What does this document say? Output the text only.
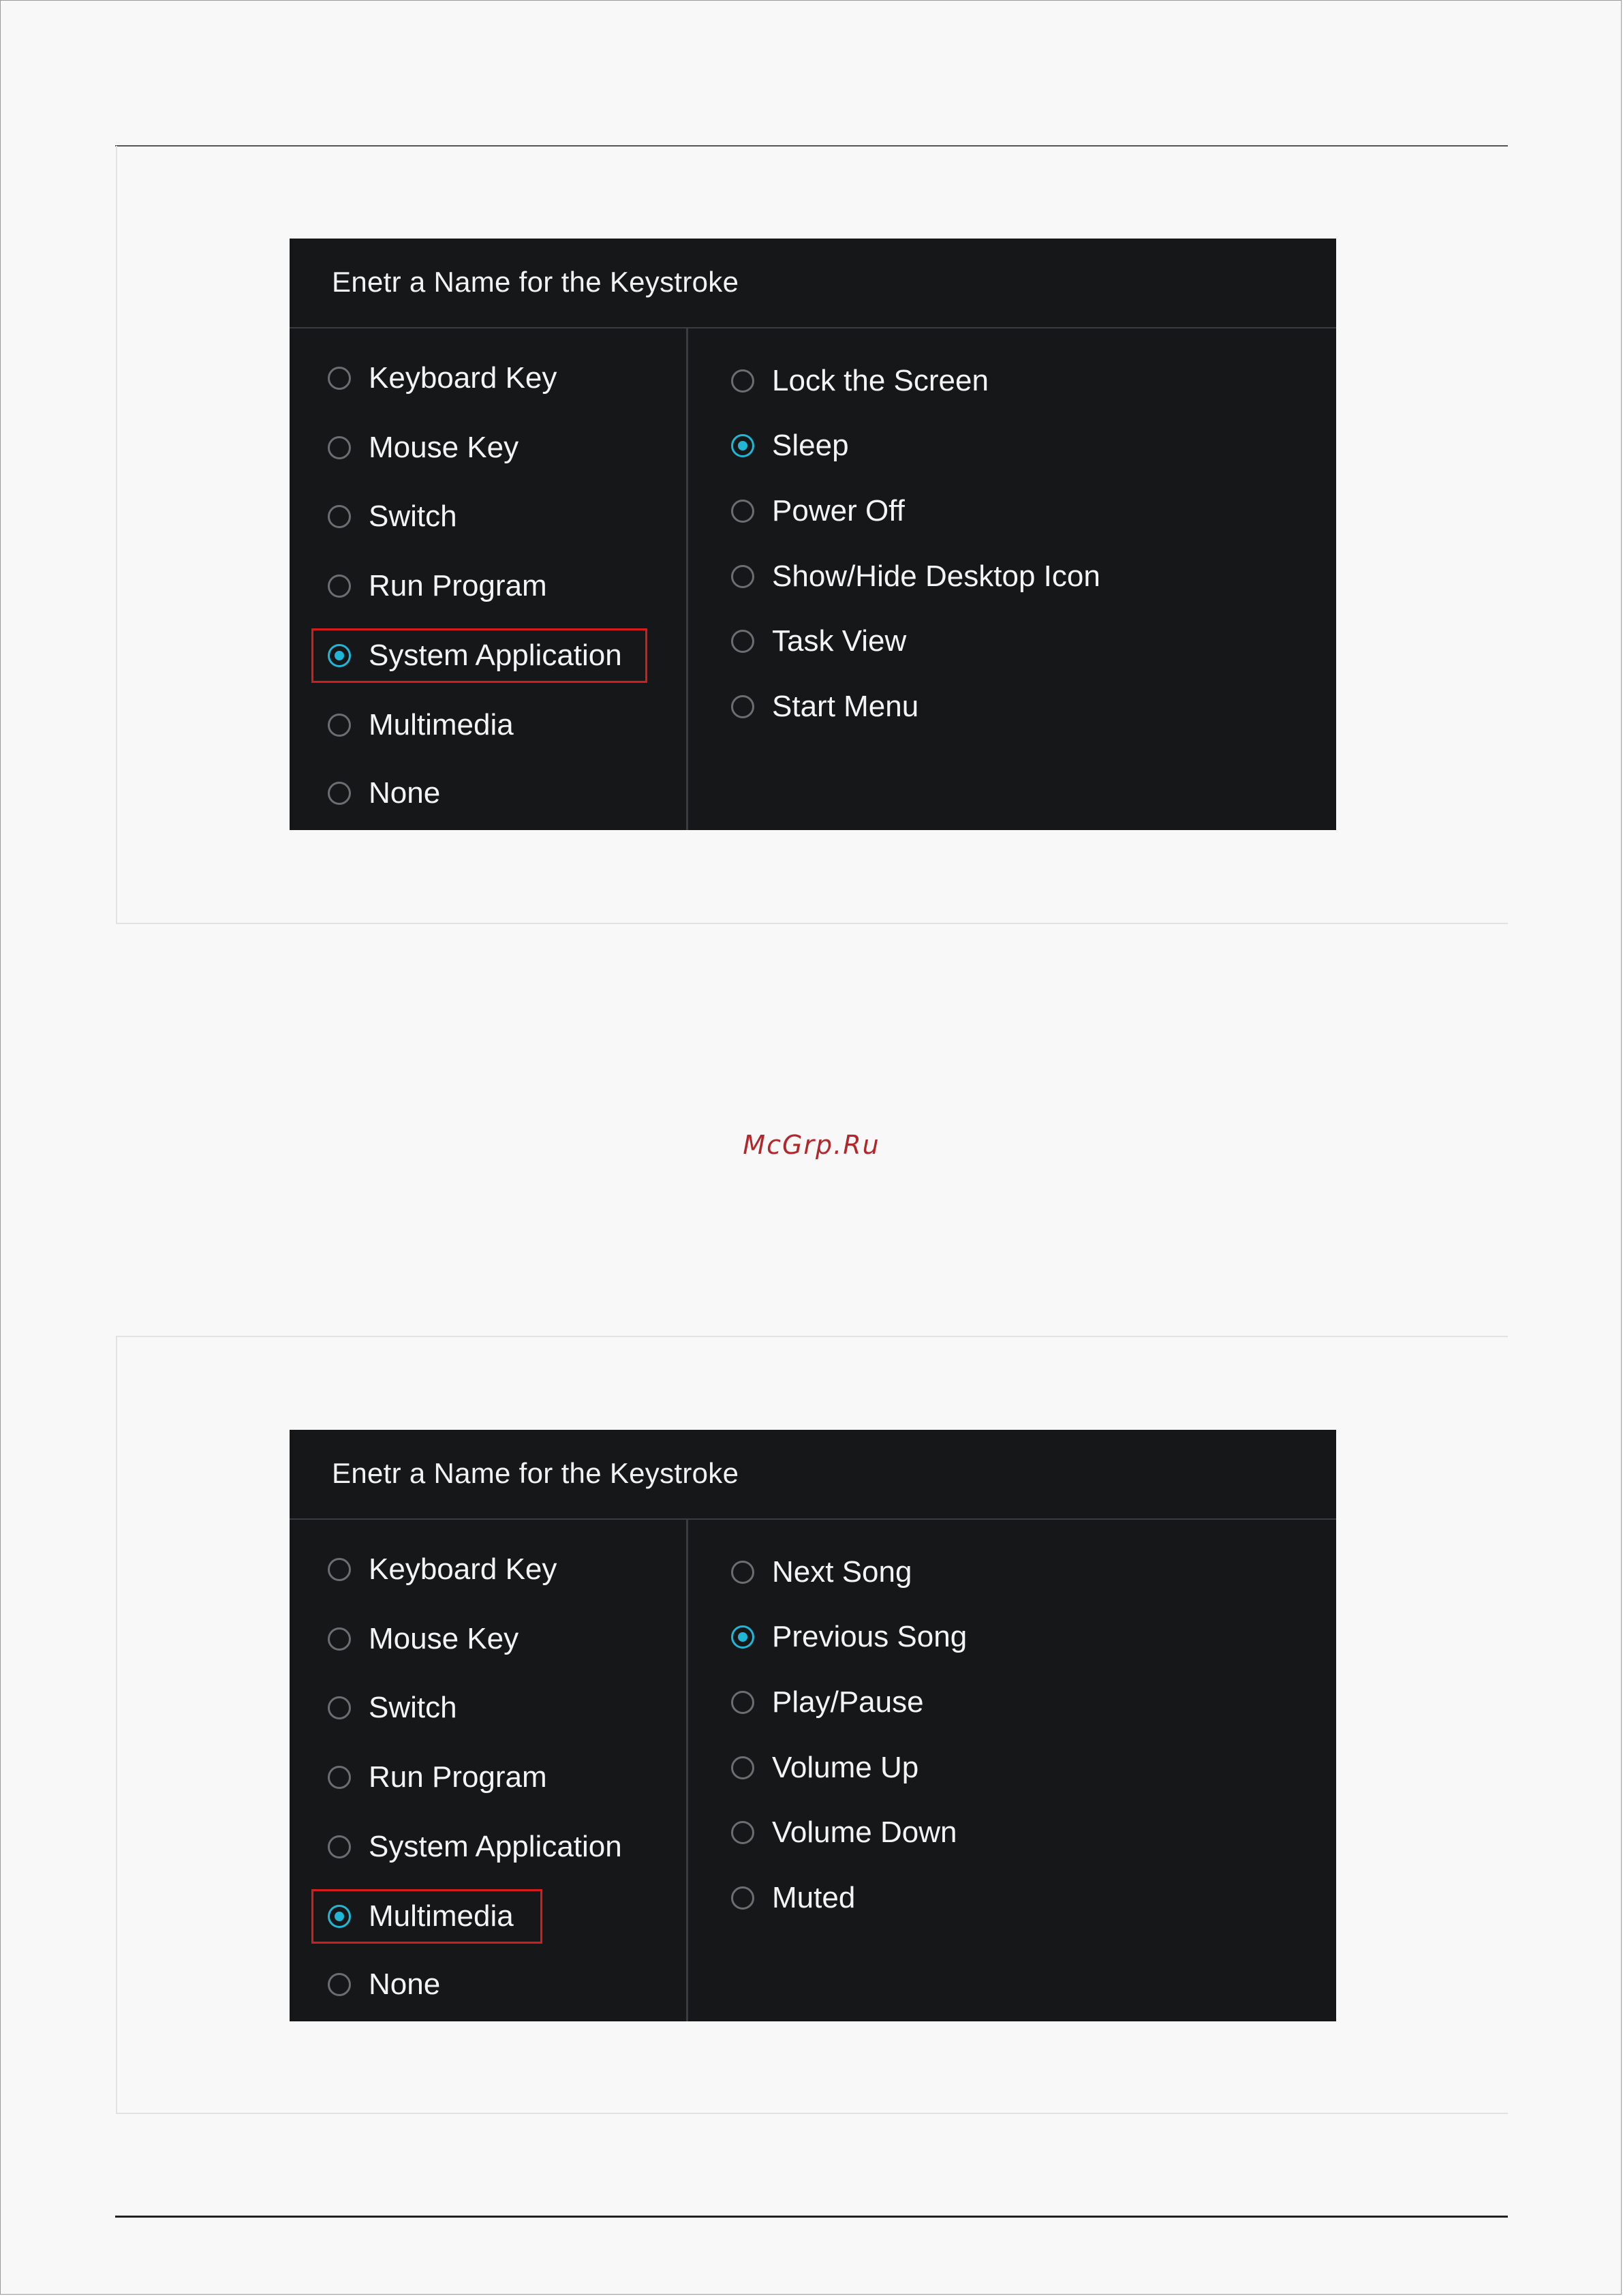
Enetr a Name for the Keystroke
Keyboard Key
Mouse Key
Switch
Run Program
System Application
Multimedia
None
Lock the Screen
Sleep
Power Off
Show/Hide Desktop Icon
Task View
Start Menu
McGrp.Ru
Enetr a Name for the Keystroke
Keyboard Key
Mouse Key
Switch
Run Program
System Application
Multimedia
None
Next Song
Previous Song
Play/Pause
Volume Up
Volume Down
Muted
